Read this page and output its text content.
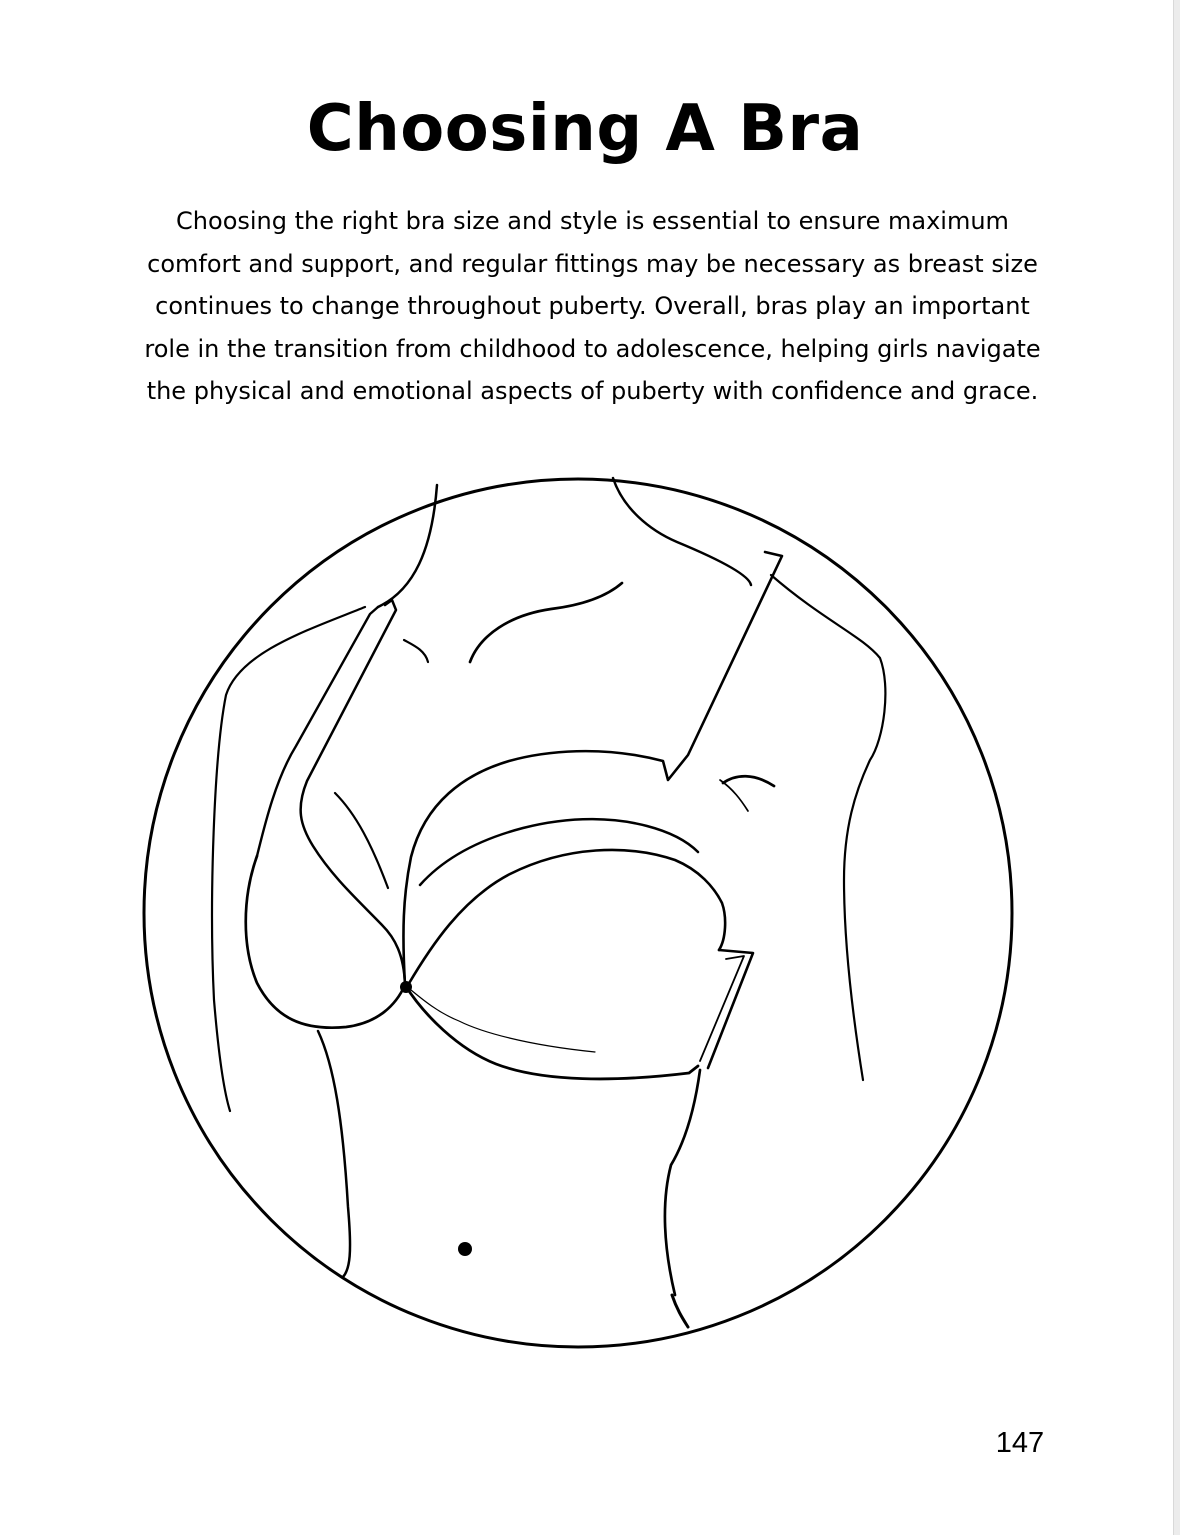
Choosing A Bra

Choosing the right bra size and style is essential to ensure maximum comfort and support, and regular fittings may be necessary as breast size continues to change throughout puberty. Overall, bras play an important role in the transition from childhood to adolescence, helping girls navigate the physical and emotional aspects of puberty with confidence and grace.

147
